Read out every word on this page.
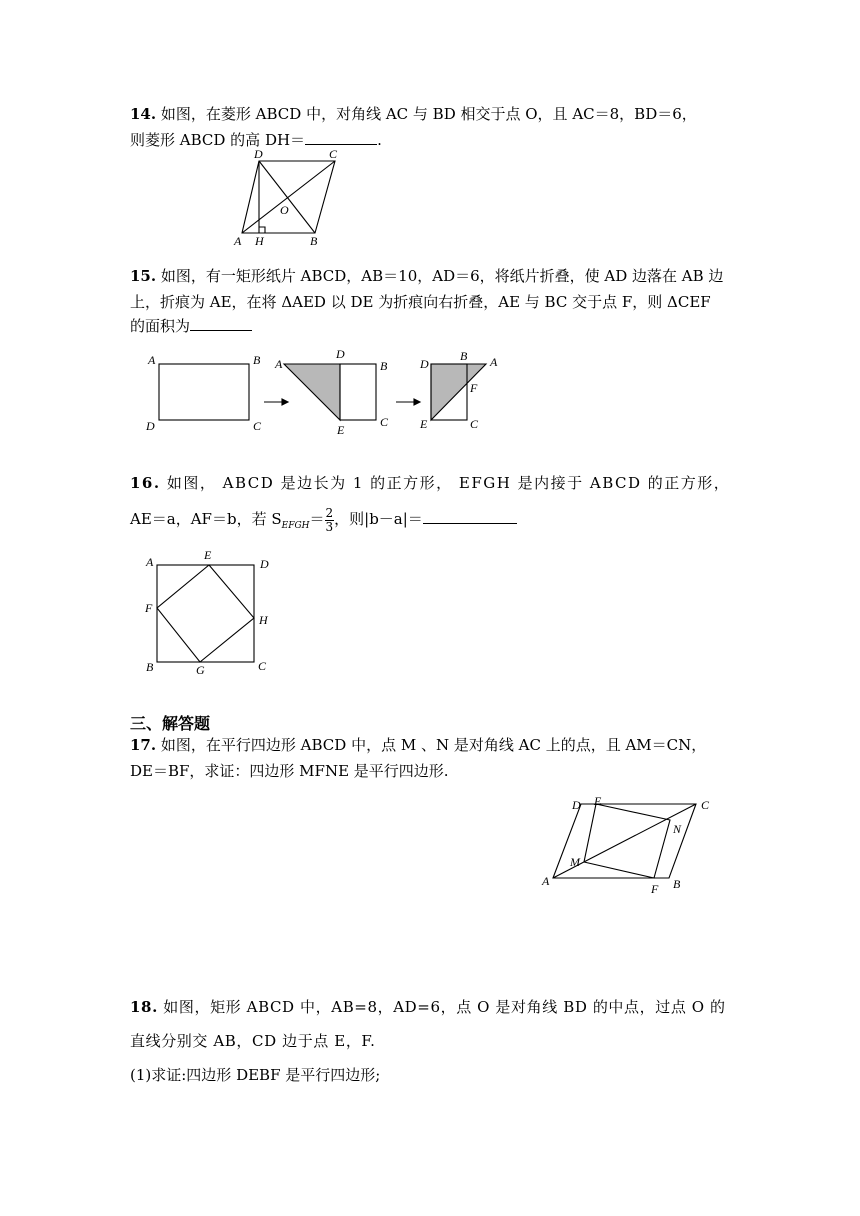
14. 如图，在菱形 ABCD 中，对角线 AC 与 BD 相交于点 O，且 AC＝8，BD＝6，
则菱形 ABCD 的高 DH＝	.
D	C
O
A H	B
15. 如图，有一矩形纸片 ABCD，AB＝10，AD＝6，将纸片折叠，使 AD 边落在 AB 边
上，折痕为 AE，在将 ΔAED 以 DE 为折痕向右折叠，AE 与 BC 交于点 F，则 ΔCEF
的面积为
A	B
D	C
A
D
B
E
C
D
B A
F
E	C
16. 如图， ABCD 是边长为 1 的正方形， EFGH 是内接于 ABCD 的正方形，
AE＝a，AF＝b，若 $S_{EFGH}= \frac{2}{3}$ ，则|b－a|＝
A	E
D
F
H
B	G	C
三、解答题
17. 如图，在平行四边形 ABCD 中，点 M 、N 是对角线 AC 上的点，且 AM＝CN，
DE＝BF，求证：四边形 MFNE 是平行四边形.
D E	C
N
M
A
F B
18. 如图，矩形 ABCD 中，AB=8，AD=6，点 O 是对角线 BD 的中点，过点 O 的
直线分别交 AB，CD 边于点 E，F.
(1)求证:四边形 DEBF 是平行四边形;
